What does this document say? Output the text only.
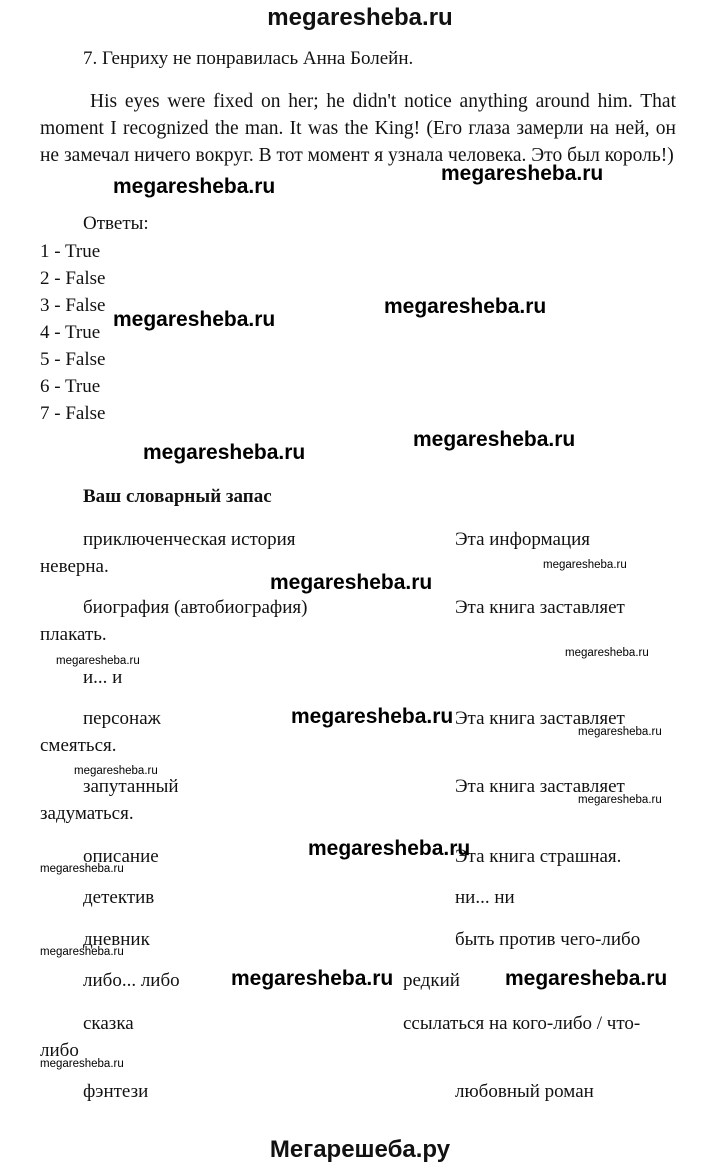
megaresheba.ru
7. Генриху не понравилась Анна Болейн.
His eyes were fixed on her; he didn't notice anything around him. That moment I recognized the man. It was the King! (Его глаза замерли на ней, он не замечал ничего вокруг. В тот момент я узнала человека. Это был король!)
Ответы:
1 - True
2 - False
3 - False
4 - True
5 - False
6 - True
7 - False
Ваш словарный запас
приключенческая история	Эта информация
неверна.
биография (автобиография)	Эта книга заставляет
плакать.
и... и
персонаж	Эта книга заставляет
смеяться.
запутанный	Эта книга заставляет
задуматься.
описание	Эта книга страшная.
детектив	ни... ни
дневник	быть против чего-либо
либо... либо	редкий
сказка	ссылаться на кого-либо / что-
либо
фэнтези	любовный роман
megaresheba.ru
megaresheba.ru
megaresheba.ru
megaresheba.ru
megaresheba.ru
megaresheba.ru
megaresheba.ru
megaresheba.ru
megaresheba.ru
megaresheba.ru	megaresheba.ru
megaresheba.ru
megaresheba.ru
megaresheba.ru
megaresheba.ru
megaresheba.ru
megaresheba.ru
megaresheba.ru
megaresheba.ru
megaresheba.ru
Мегарешеба.ру
